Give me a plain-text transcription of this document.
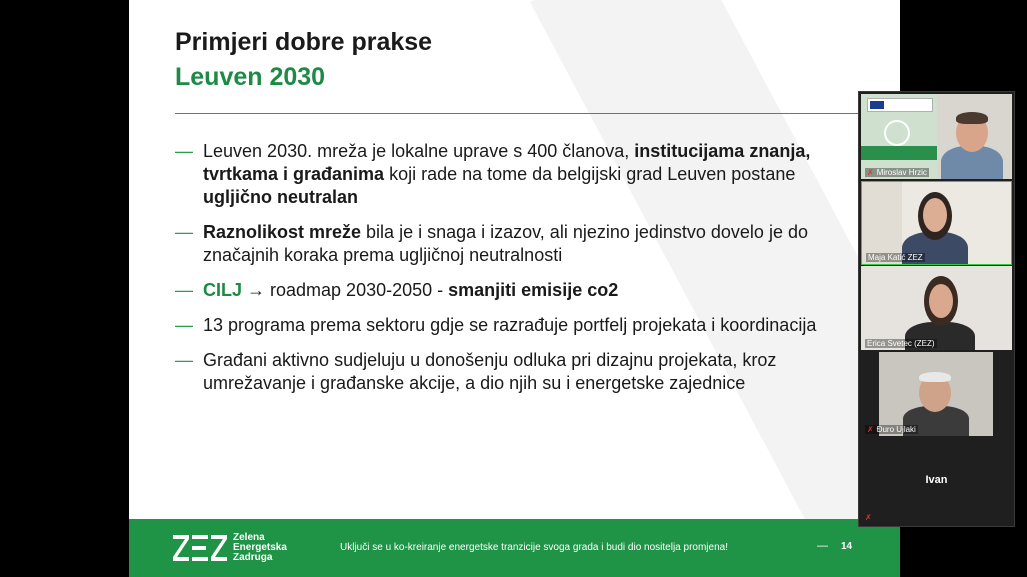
Primjeri dobre prakse
Leuven 2030
— Leuven 2030. mreža je lokalne uprave s 400 članova, institucijama znanja, tvrtkama i građanima koji rade na tome da belgijski grad Leuven postane ugljično neutralan
— Raznolikost mreže bila je i snaga i izazov, ali njezino jedinstvo dovelo je do značajnih koraka prema ugljičnoj neutralnosti
— CILJ → roadmap 2030-2050 - smanjiti emisije co2
— 13 programa prema sektoru gdje se razrađuje portfelj projekata i koordinacija
— Građani aktivno sudjeluju u donošenju odluka pri dizajnu projekata, kroz umrežavanje i građanske akcije, a dio njih su i energetske zajednice
Zelena
Energetska
Zadruga
Uključi se u ko-kreiranje energetske tranzicije svoga grada i budi dio nositelja promjena!	— 14
✗ Miroslav Hrzic
Maja Katić ZEZ
Erica Svetec (ZEZ)
✗ Đuro Ujlaki
Ivan
✗
